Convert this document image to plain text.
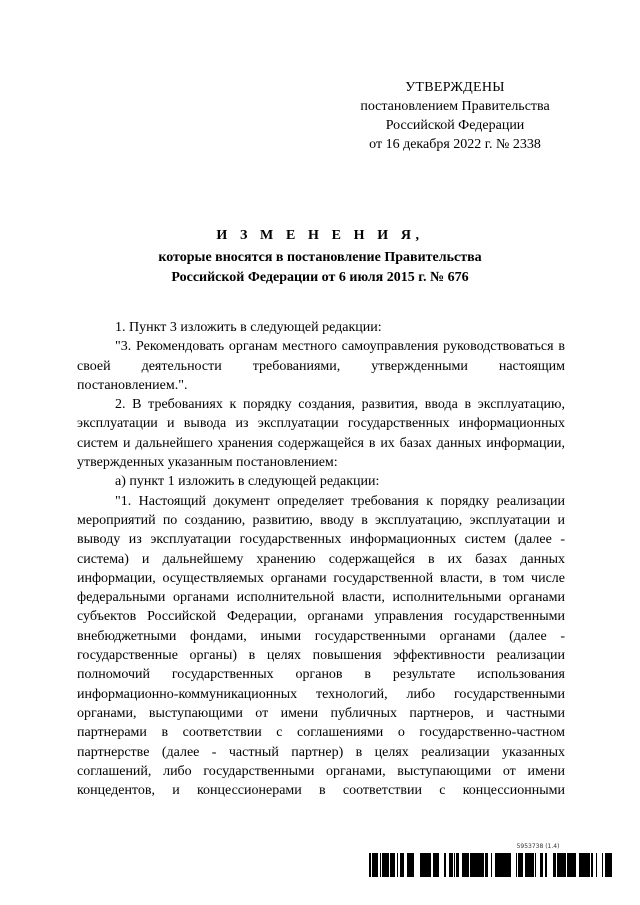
УТВЕРЖДЕНЫ
постановлением Правительства
Российской Федерации
от 16 декабря 2022 г. № 2338
И З М Е Н Е Н И Я,
которые вносятся в постановление Правительства
Российской Федерации от 6 июля 2015 г. № 676

1. Пункт 3 изложить в следующей редакции:

"3. Рекомендовать органам местного самоуправления руководствоваться в своей деятельности требованиями, утвержденными настоящим постановлением.".

2. В требованиях к порядку создания, развития, ввода в эксплуатацию, эксплуатации и вывода из эксплуатации государственных информационных систем и дальнейшего хранения содержащейся в их базах данных информации, утвержденных указанным постановлением:

а) пункт 1 изложить в следующей редакции:

"1. Настоящий документ определяет требования к порядку реализации мероприятий по созданию, развитию, вводу в эксплуатацию, эксплуатации и выводу из эксплуатации государственных информационных систем (далее - система) и дальнейшему хранению содержащейся в их базах данных информации, осуществляемых органами государственной власти, в том числе федеральными органами исполнительной власти, исполнительными органами субъектов Российской Федерации, органами управления государственными внебюджетными фондами, иными государственными органами (далее - государственные органы) в целях повышения эффективности реализации полномочий государственных органов в результате использования информационно-коммуникационных технологий, либо государственными органами, выступающими от имени публичных партнеров, и частными партнерами в соответствии с соглашениями о государственно-частном партнерстве (далее - частный партнер) в целях реализации указанных соглашений, либо государственными органами, выступающими от имени концедентов, и концессионерами в соответствии с концессионными

5953738 (1.4)
